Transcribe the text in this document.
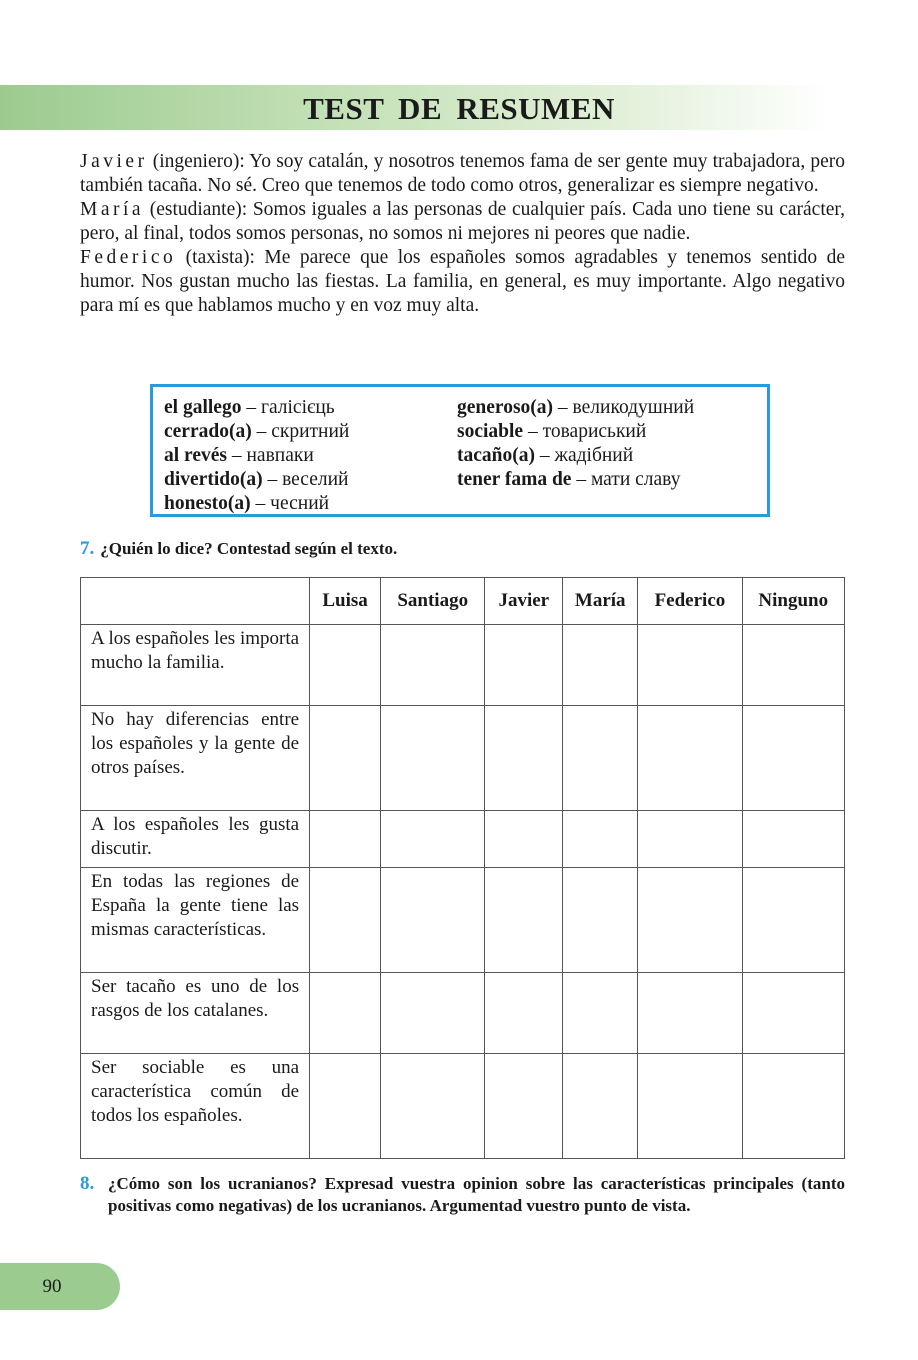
TEST DE RESUMEN

Javier (ingeniero): Yo soy catalán, y nosotros tenemos fama de ser gente muy trabajadora, pero también tacaña. No sé. Creo que tenemos de todo como otros, generalizar es siempre negativo.

María (estudiante): Somos iguales a las personas de cualquier país. Cada uno tiene su carácter, pero, al final, todos somos personas, no somos ni mejores ni peores que nadie.

Federico (taxista): Me parece que los españoles somos agradables y tenemos sentido de humor. Nos gustan mucho las fiestas. La familia, en general, es muy importante. Algo negativo para mí es que hablamos mucho y en voz muy alta.

el gallego – галісієць
cerrado(a) – скритний
al revés – навпаки
divertido(a) – веселий
honesto(a) – чесний
generoso(a) – великодушний
sociable – товариський
tacaño(a) – жадібний
tener fama de – мати славу
7. ¿Quién lo dice? Contestad según el texto.
	Luisa	Santiago	Javier	María	Federico	Ninguno
A los españoles les importa mucho la familia.						
No hay diferencias entre los españoles y la gente de otros países.						
A los españoles les gusta discutir.						
En todas las regiones de España la gente tiene las mismas características.						
Ser tacaño es uno de los rasgos de los catalanes.						
Ser sociable es una característica común de todos los españoles.						
8. ¿Cómo son los ucranianos? Expresad vuestra opinion sobre las características principales (tanto positivas como negativas) de los ucranianos. Argumentad vuestro punto de vista.
90
